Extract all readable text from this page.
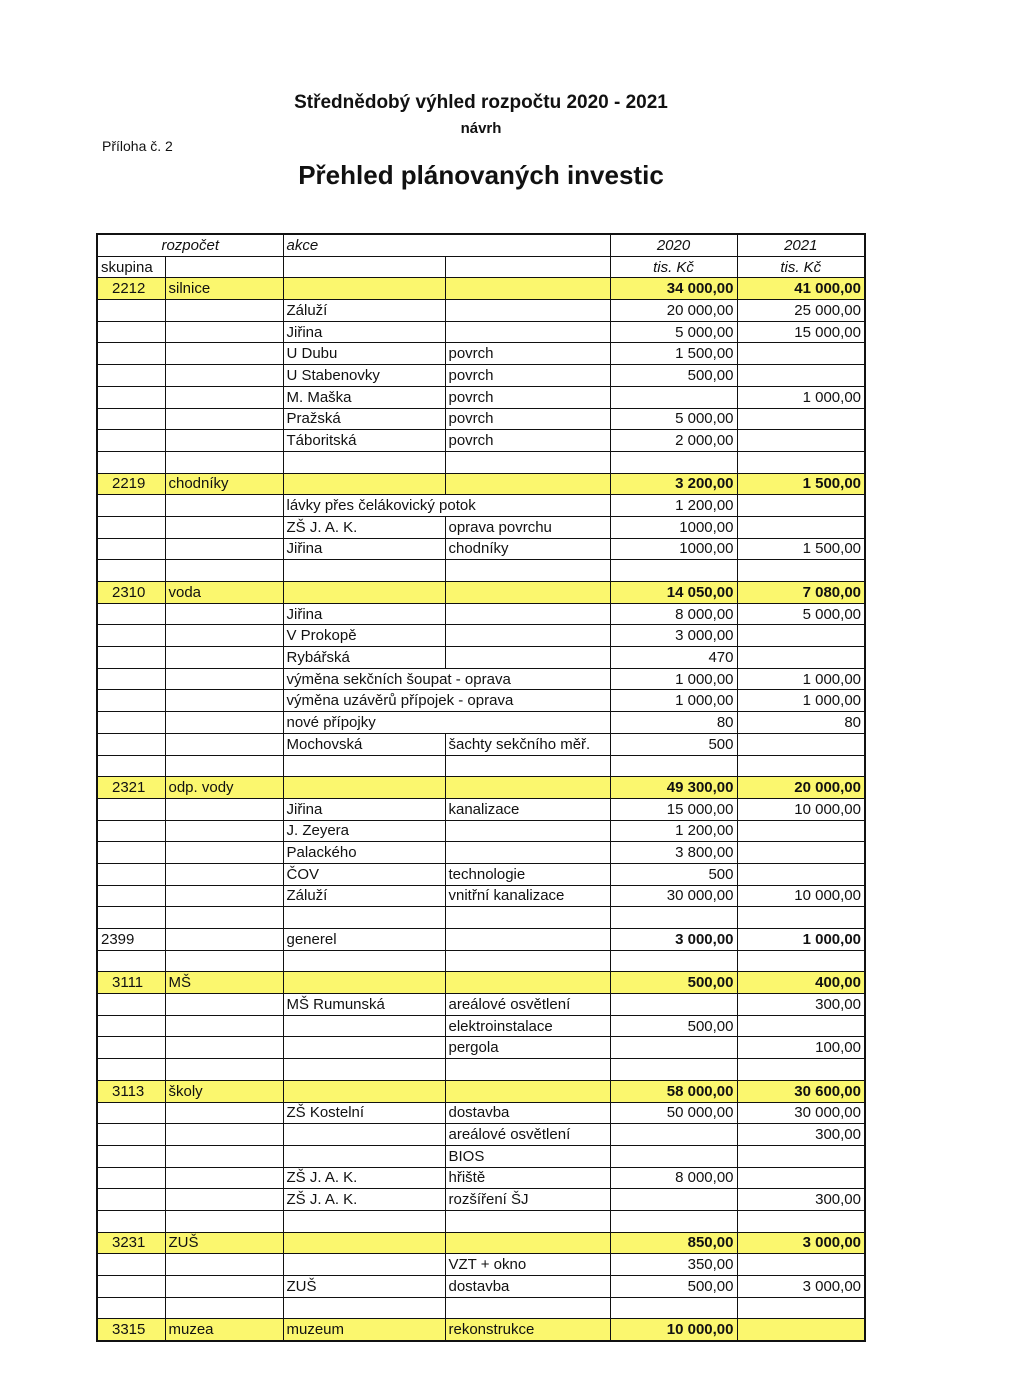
Příloha č. 2
Střednědobý výhled rozpočtu 2020 - 2021
návrh
Přehled plánovaných investic
rozpočet		akce		2020	2021
skupina				tis. Kč	tis. Kč
2212	silnice			34 000,00	41 000,00
		Záluží		20 000,00	25 000,00
		Jiřina		5 000,00	15 000,00
		U Dubu	povrch	1 500,00	
		U Stabenovky	povrch	500,00	
		M. Maška	povrch		1 000,00
		Pražská	povrch	5 000,00	
		Táboritská	povrch	2 000,00	

2219	chodníky			3 200,00	1 500,00
		lávky přes čelákovický potok		1 200,00	
		ZŠ J. A. K.	oprava povrchu	1000,00	
		Jiřina	chodníky	1000,00	1 500,00

2310	voda			14 050,00	7 080,00
		Jiřina		8 000,00	5 000,00
		V Prokopě		3 000,00	
		Rybářská		470	
		výměna sekčních šoupat - oprava		1 000,00	1 000,00
		výměna uzávěrů přípojek - oprava		1 000,00	1 000,00
		nové přípojky		80	80
		Mochovská	šachty sekčního měř.	500	

2321	odp. vody			49 300,00	20 000,00
		Jiřina	kanalizace	15 000,00	10 000,00
		J. Zeyera		1 200,00	
		Palackého		3 800,00	
		ČOV	technologie	500	
		Záluží	vnitřní kanalizace	30 000,00	10 000,00

2399		generel		3 000,00	1 000,00

3111	MŠ			500,00	400,00
		MŠ Rumunská	areálové osvětlení		300,00
			elektroinstalace	500,00	
			pergola		100,00

3113	školy			58 000,00	30 600,00
		ZŠ Kostelní	dostavba	50 000,00	30 000,00
			areálové osvětlení		300,00
			BIOS		
		ZŠ J. A. K.	hřiště	8 000,00	
		ZŠ J. A. K.	rozšíření ŠJ		300,00

3231	ZUŠ			850,00	3 000,00
			VZT + okno	350,00	
		ZUŠ	dostavba	500,00	3 000,00

3315	muzea	muzeum	rekonstrukce	10 000,00	
